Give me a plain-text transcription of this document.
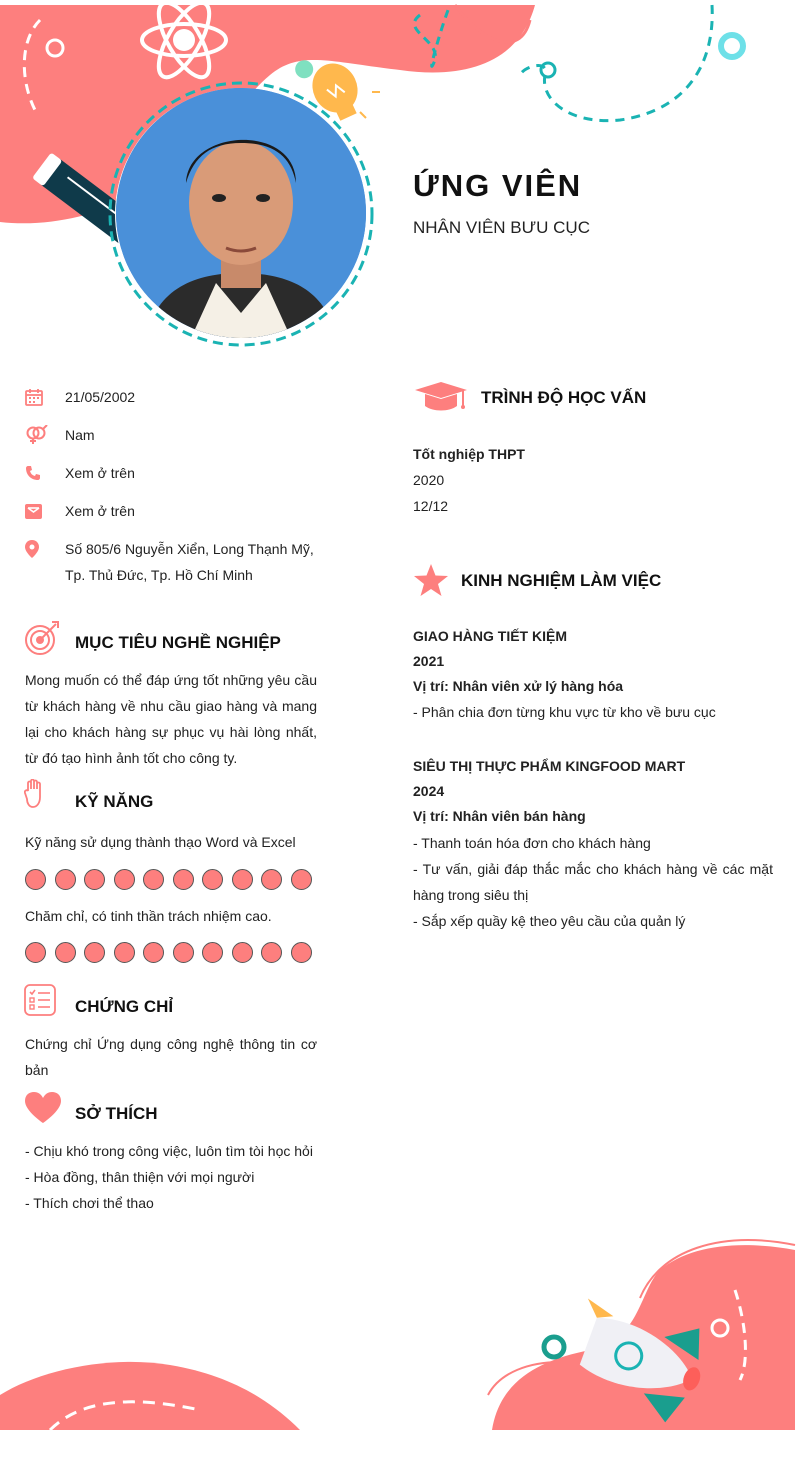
ỨNG VIÊN
NHÂN VIÊN BƯU CỤC
21/05/2002
Nam
Xem ở trên
Xem ở trên
Số 805/6 Nguyễn Xiển, Long Thạnh Mỹ, Tp. Thủ Đức, Tp. Hồ Chí Minh
MỤC TIÊU NGHỀ NGHIỆP
Mong muốn có thể đáp ứng tốt những yêu cầu từ khách hàng về nhu cầu giao hàng và mang lại cho khách hàng sự phục vụ hài lòng nhất, từ đó tạo hình ảnh tốt cho công ty.
KỸ NĂNG
Kỹ năng sử dụng thành thạo Word và Excel
Chăm chỉ, có tinh thần trách nhiệm cao.
CHỨNG CHỈ
Chứng chỉ Ứng dụng công nghệ thông tin cơ bản
SỞ THÍCH
- Chịu khó trong công việc, luôn tìm tòi học hỏi
- Hòa đồng, thân thiện với mọi người
- Thích chơi thể thao
TRÌNH ĐỘ HỌC VẤN
Tốt nghiệp THPT
2020
12/12
KINH NGHIỆM LÀM VIỆC
GIAO HÀNG TIẾT KIỆM
2021
Vị trí: Nhân viên xử lý hàng hóa
- Phân chia đơn từng khu vực từ kho về bưu cục
SIÊU THỊ THỰC PHẨM KINGFOOD MART
2024
Vị trí: Nhân viên bán hàng
- Thanh toán hóa đơn cho khách hàng
- Tư vấn, giải đáp thắc mắc cho khách hàng về các mặt hàng trong siêu thị
- Sắp xếp quầy kệ theo yêu cầu của quản lý
